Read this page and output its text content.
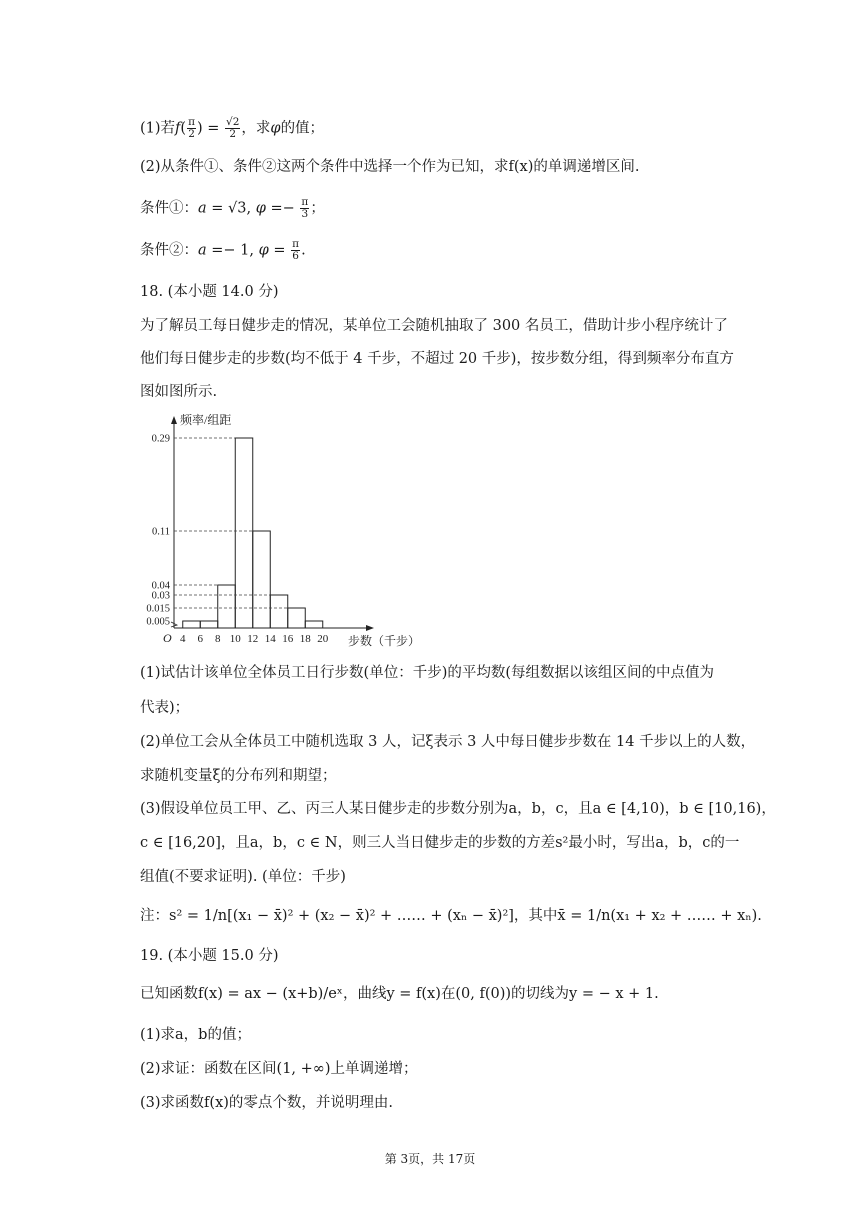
(1)若$f( \frac{\pi}{2}$ ) = $\frac{√2}{2}$ ，求φ的值；
(2)从条件①、条件②这两个条件中选择一个作为已知，求f(x)的单调递增区间.
条件①：a = √3, $\varphi =- \frac{\pi}{3}$ ；
条件②：a =− 1, $\varphi = \frac{\pi}{6}$ .
18. (本小题 14.0 分)
为了解员工每日健步走的情况，某单位工会随机抽取了 300 名员工，借助计步小程序统计了
他们每日健步走的步数(均不低于 4 千步，不超过 20 千步)，按步数分组，得到频率分布直方
图如图所示.
频率/组距
步数（千步）
O
0.005
0.015
0.03
0.04
0.11
0.29
4 6 8 10 12 14 16 18 20
(1)试估计该单位全体员工日行步数(单位：千步)的平均数(每组数据以该组区间的中点值为
代表)；
(2)单位工会从全体员工中随机选取 3 人，记ξ表示 3 人中每日健步步数在 14 千步以上的人数，
求随机变量ξ的分布列和期望；
(3)假设单位员工甲、乙、丙三人某日健步走的步数分别为a，b，c，且a ∈ [4,10)，b ∈ [10,16)，
c ∈ [16,20]，且a，b，c ∈ N，则三人当日健步走的步数的方差s²最小时，写出a，b，c的一
组值(不要求证明). (单位：千步)
注：s² = 1/n[(x₁ − x̄)² + (x₂ − x̄)² + …… + (xₙ − x̄)²]，其中x̄ = 1/n(x₁ + x₂ + …… + xₙ).
19. (本小题 15.0 分)
已知函数f(x) = ax − (x+b)/eˣ，曲线y = f(x)在(0, f(0))的切线为y = − x + 1.
(1)求a，b的值；
(2)求证：函数在区间(1, +∞)上单调递增；
(3)求函数f(x)的零点个数，并说明理由.
第 3页，共 17页
